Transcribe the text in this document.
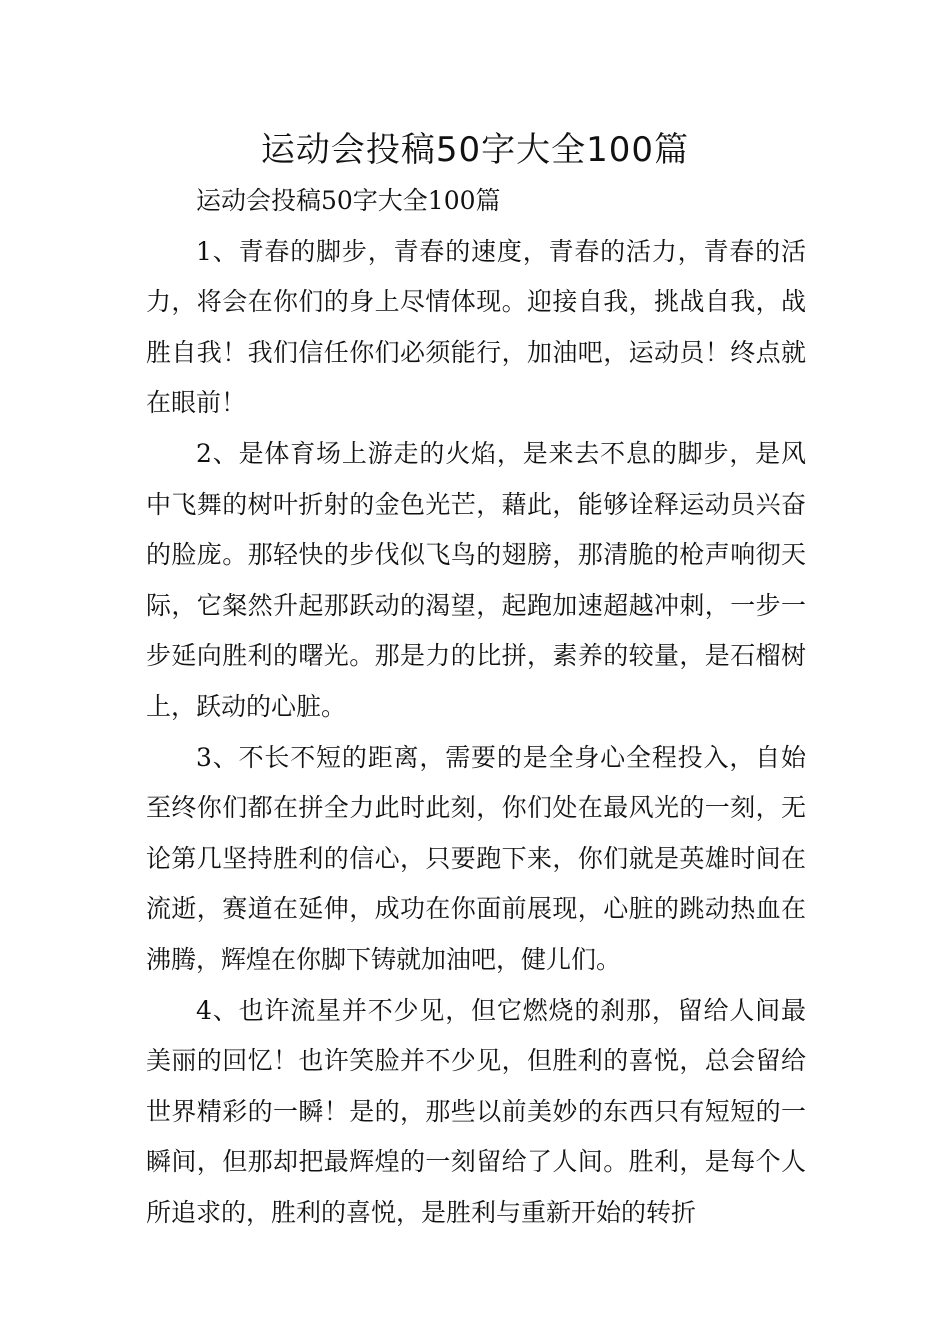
运动会投稿50字大全100篇

运动会投稿50字大全100篇

1、青春的脚步，青春的速度，青春的活力，青春的活力，将会在你们的身上尽情体现。迎接自我，挑战自我，战胜自我！我们信任你们必须能行，加油吧，运动员！终点就在眼前！

2、是体育场上游走的火焰，是来去不息的脚步，是风中飞舞的树叶折射的金色光芒，藉此，能够诠释运动员兴奋的脸庞。那轻快的步伐似飞鸟的翅膀，那清脆的枪声响彻天际，它粲然升起那跃动的渴望，起跑加速超越冲刺，一步一步延向胜利的曙光。那是力的比拼，素养的较量，是石榴树上，跃动的心脏。

3、不长不短的距离，需要的是全身心全程投入，自始至终你们都在拼全力此时此刻，你们处在最风光的一刻，无论第几坚持胜利的信心，只要跑下来，你们就是英雄时间在流逝，赛道在延伸，成功在你面前展现，心脏的跳动热血在沸腾，辉煌在你脚下铸就加油吧，健儿们。

4、也许流星并不少见，但它燃烧的刹那，留给人间最美丽的回忆！也许笑脸并不少见，但胜利的喜悦，总会留给世界精彩的一瞬！是的，那些以前美妙的东西只有短短的一瞬间，但那却把最辉煌的一刻留给了人间。胜利，是每个人所追求的，胜利的喜悦，是胜利与重新开始的转折
